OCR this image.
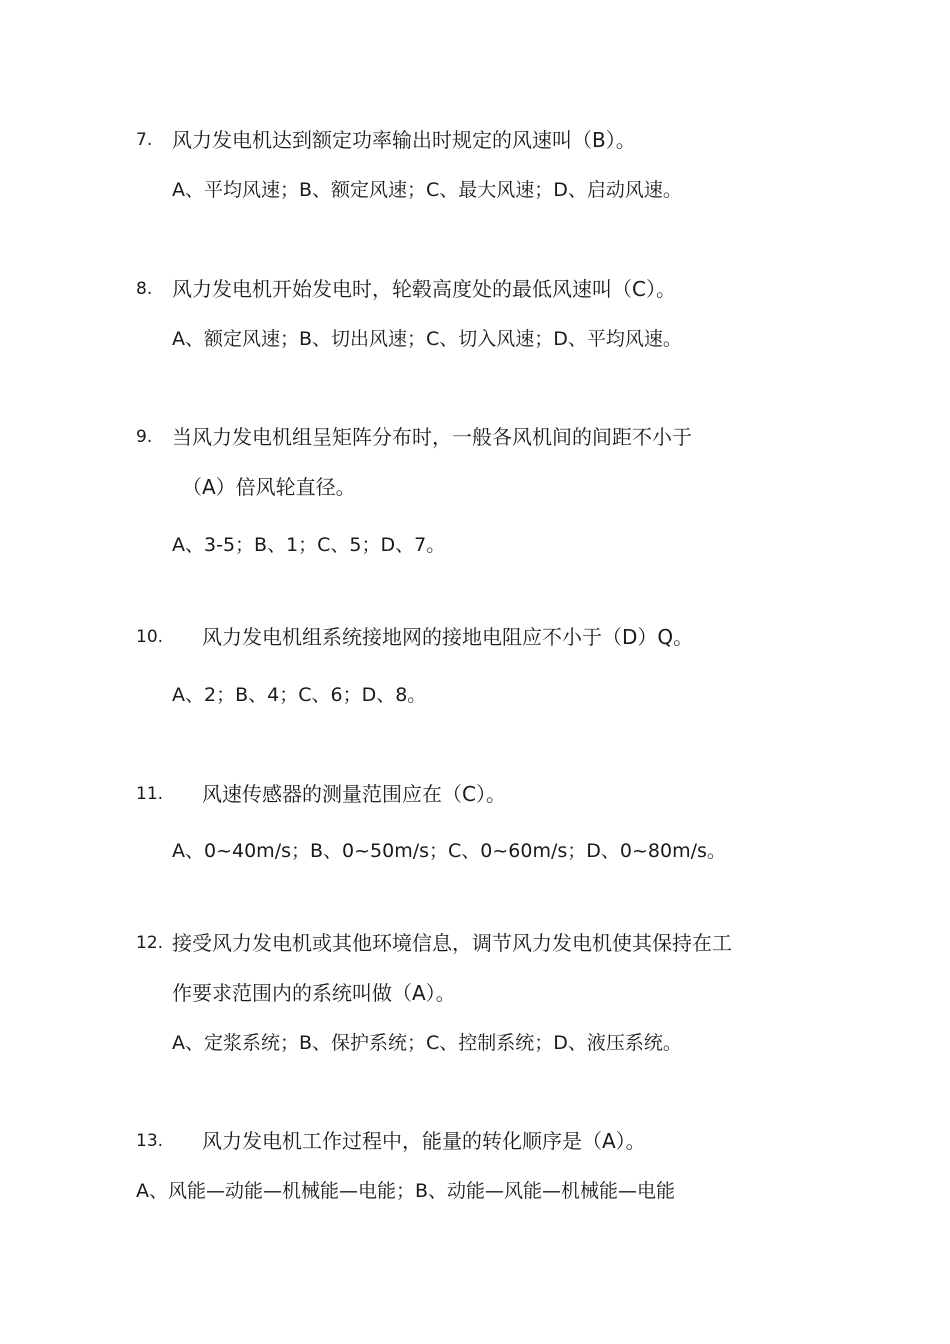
7. 风力发电机达到额定功率输出时规定的风速叫（B）。
A、平均风速；B、额定风速；C、最大风速；D、启动风速。
8. 风力发电机开始发电时，轮毂高度处的最低风速叫（C）。
A、额定风速；B、切出风速；C、切入风速；D、平均风速。
9. 当风力发电机组呈矩阵分布时，一般各风机间的间距不小于
（A）倍风轮直径。
A、3-5；B、1；C、5；D、7。
10. 风力发电机组系统接地网的接地电阻应不小于（D）Q。
A、2；B、4；C、6；D、8。
11. 风速传感器的测量范围应在（C）。
A、0~40m/s；B、0~50m/s；C、0~60m/s；D、0~80m/s。
12. 接受风力发电机或其他环境信息，调节风力发电机使其保持在工
作要求范围内的系统叫做（A）。
A、定浆系统；B、保护系统；C、控制系统；D、液压系统。
13. 风力发电机工作过程中，能量的转化顺序是（A）。
A、风能—动能—机械能—电能；B、动能—风能—机械能—电能
